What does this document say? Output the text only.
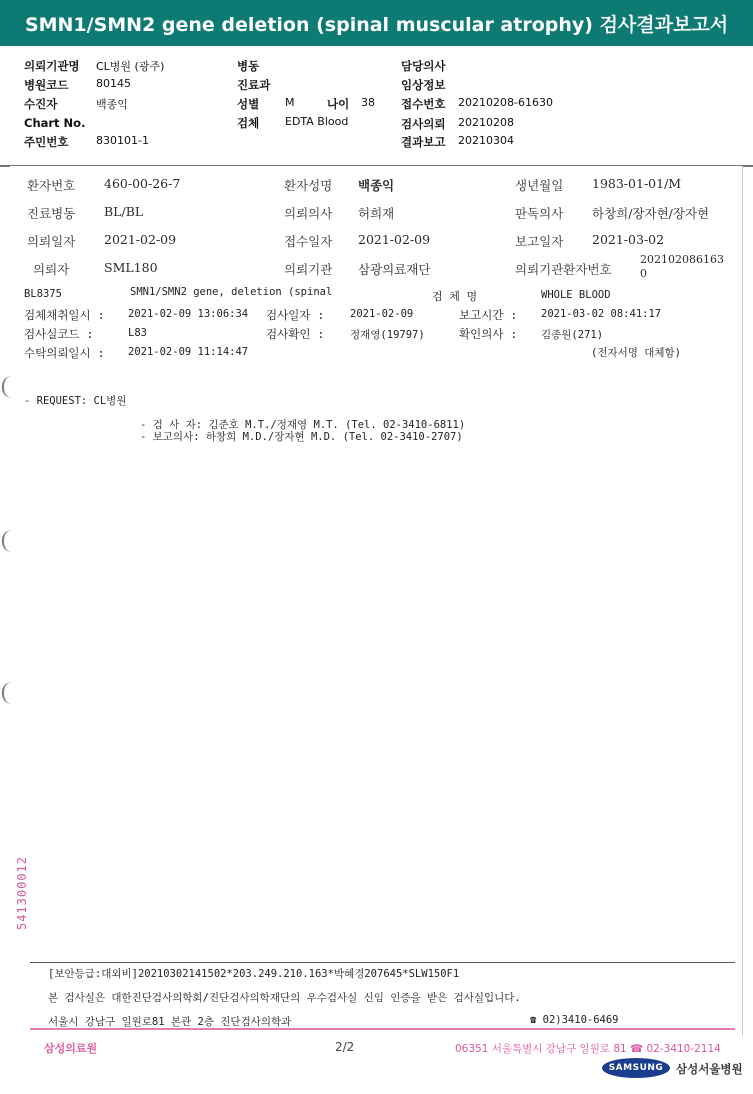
SMN1/SMN2 gene deletion (spinal muscular atrophy) 검사결과보고서
의뢰기관명 CL병원 (광주)
병원코드	80145
수진자	백종익
Chart No.
주민번호	830101-1
병동
진료과
성별 M	나이 38
검체 EDTA Blood
담당의사
임상정보
접수번호 20210208-61630
검사의뢰 20210208
결과보고 20210304
환자번호 460-00-26-7	환자성명 백종익	생년월일 1983-01-01/M
진료병동 BL/BL	의뢰의사 허희재	판독의사 하창희/장자현/장자현
의뢰일자 2021-02-09	접수일자 2021-02-09	보고일자 2021-03-02
의뢰자	SML180	의뢰기관 삼광의료재단	의뢰기관환자번호
202102086163
0
BL8375	SMN1/SMN2 gene, deletion (spinal	검 체 명	WHOLE BLOOD
검체채취일시 : 2021-02-09 13:06:34 검사일자 : 2021-02-09	보고시간 : 2021-03-02 08:41:17
검사실코드 :	L83	검사확인 : 정재영(19797)	확인의사 : 김종원(271)
수탁의뢰일시 : 2021-02-09 11:14:47	(전자서명 대체함)
- REQUEST: CL병원
- 검 사 자: 김준호 M.T./정재영 M.T. (Tel. 02-3410-6811)
- 보고의사: 하창희 M.D./장자현 M.D. (Tel. 02-3410-2707)
541300012
[보안등급:대외비]20210302141502*203.249.210.163*박혜경207645*SLW150F1
본 검사실은 대한진단검사의학회/진단검사의학재단의 우수검사실 신임 인증을 받은 검사실입니다.
서울시 강남구 일원로81 본관 2층 진단검사의학과	☎ 02)3410-6469
삼성의료원	2/2	06351 서울특별시 강남구 일원로 81 ☎ 02-3410-2114
SAMSUNG 삼성서울병원
